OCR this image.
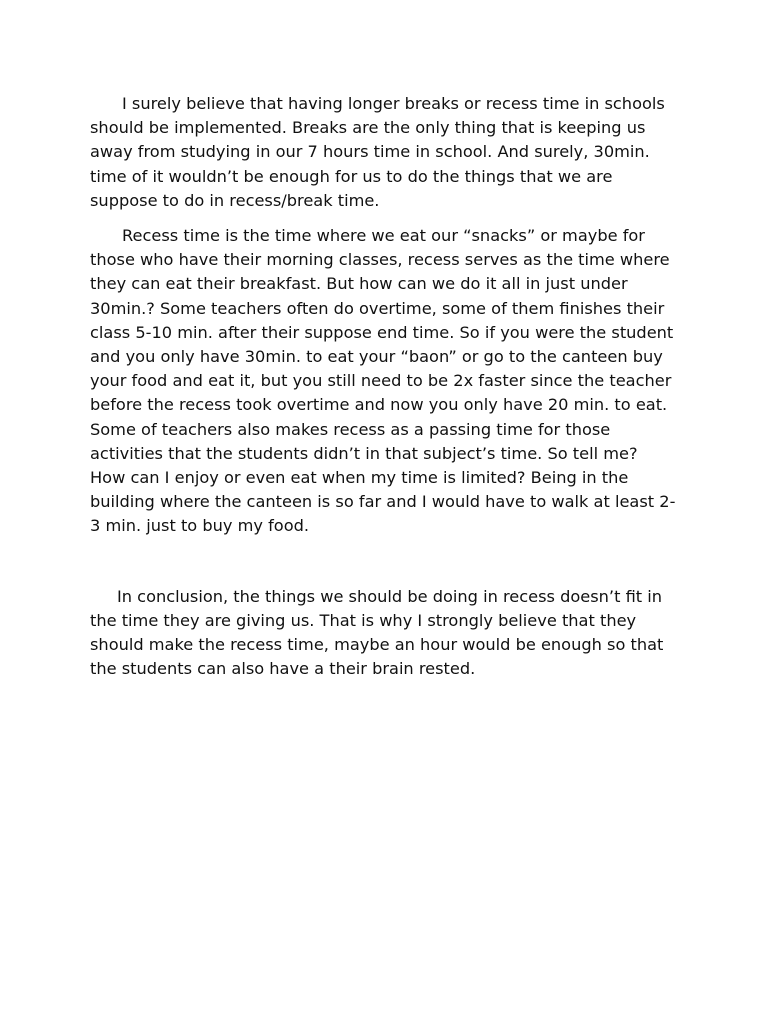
I surely believe that having longer breaks or recess time in schools should be implemented. Breaks are the only thing that is keeping us away from studying in our 7 hours time in school. And surely, 30min. time of it wouldn’t be enough for us to do the things that we are suppose to do in recess/break time.

Recess time is the time where we eat our “snacks” or maybe for those who have their morning classes, recess serves as the time where they can eat their breakfast. But how can we do it all in just under 30min.? Some teachers often do overtime, some of them finishes their class 5-10 min. after their suppose end time. So if you were the student and you only have 30min. to eat your “baon” or go to the canteen buy your food and eat it, but you still need to be 2x faster since the teacher before the recess took overtime and now you only have 20 min. to eat. Some of teachers also makes recess as a passing time for those activities that the students didn’t in that subject’s time. So tell me? How can I enjoy or even eat when my time is limited? Being in the building where the canteen is so far and I would have to walk at least 2-3 min. just to buy my food.

In conclusion, the things we should be doing in recess doesn’t fit in the time they are giving us. That is why I strongly believe that they should make the recess time, maybe an hour would be enough so that the students can also have a their brain rested.
